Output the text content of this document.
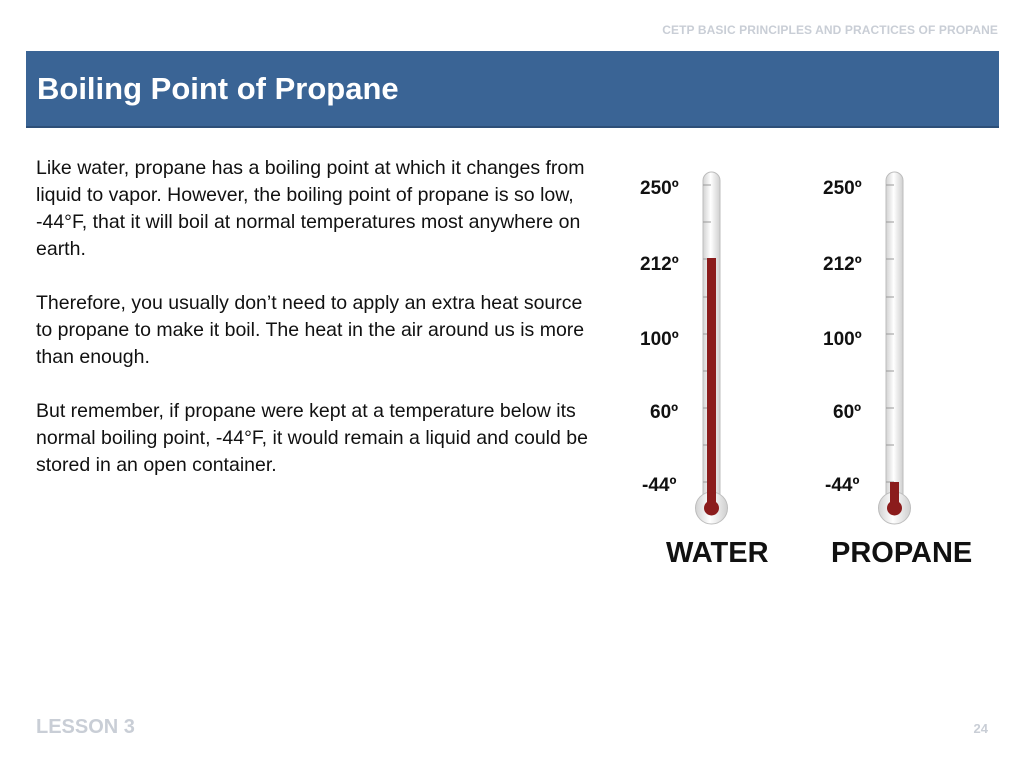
CETP BASIC PRINCIPLES AND PRACTICES OF PROPANE
Boiling Point of Propane

Like water, propane has a boiling point at which it changes from liquid to vapor. However, the boiling point of propane is so low, -44°F, that it will boil at normal temperatures most anywhere on earth.

Therefore, you usually don’t need to apply an extra heat source to propane to make it boil. The heat in the air around us is more than enough.

But remember, if propane were kept at a temperature below its normal boiling point, -44°F, it would remain a liquid and could be stored in an open container.

250º
212º
100º
60º
-44º
WATER
250º
212º
100º
60º
-44º
PROPANE
LESSON 3	24
